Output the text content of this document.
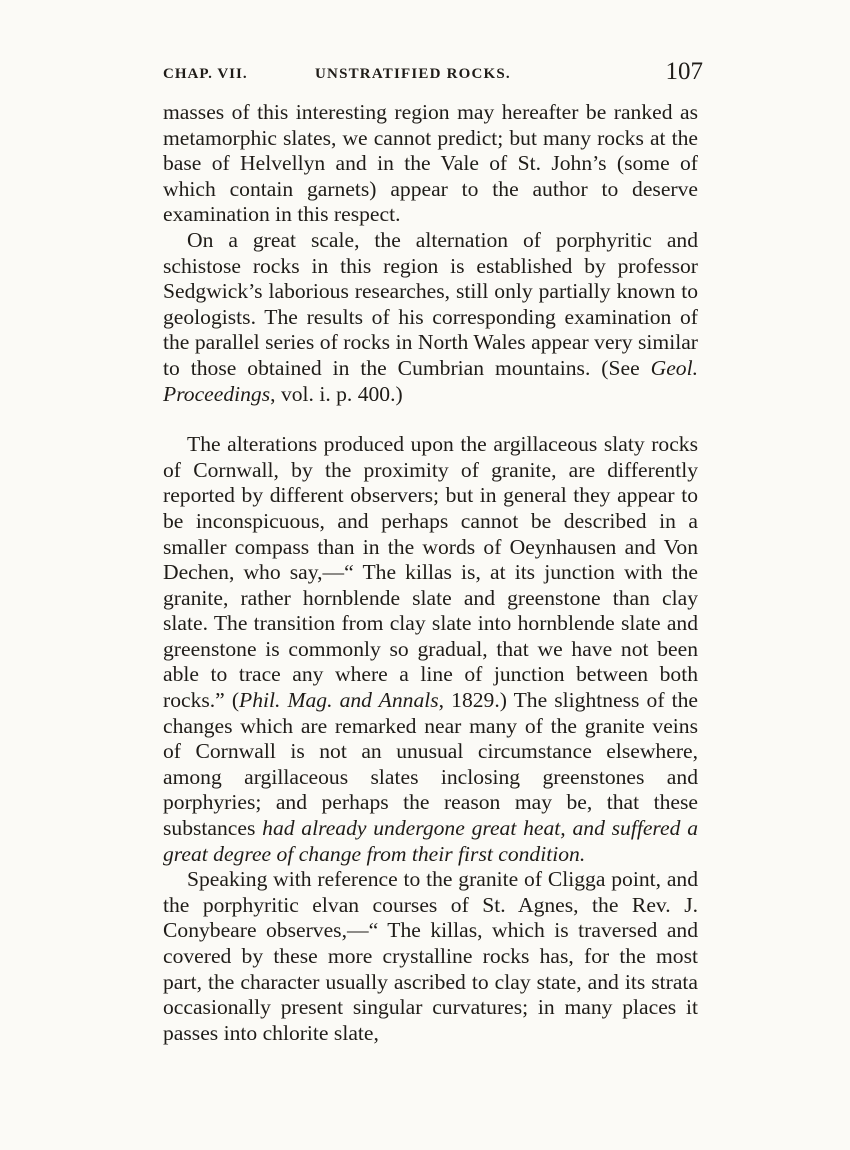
CHAP. VII.	UNSTRATIFIED ROCKS.	107

masses of this interesting region may hereafter be ranked as metamorphic slates, we cannot predict; but many rocks at the base of Helvellyn and in the Vale of St. John’s (some of which contain garnets) appear to the author to deserve examination in this respect.

On a great scale, the alternation of porphyritic and schistose rocks in this region is established by professor Sedgwick’s laborious researches, still only partially known to geologists. The results of his corresponding examination of the parallel series of rocks in North Wales appear very similar to those obtained in the Cumbrian mountains. (See Geol. Proceedings, vol. i. p. 400.)

The alterations produced upon the argillaceous slaty rocks of Cornwall, by the proximity of granite, are differently reported by different observers; but in general they appear to be inconspicuous, and perhaps cannot be described in a smaller compass than in the words of Oeynhausen and Von Dechen, who say,—“ The killas is, at its junction with the granite, rather hornblende slate and greenstone than clay slate. The transition from clay slate into hornblende slate and greenstone is commonly so gradual, that we have not been able to trace any where a line of junction between both rocks.” (Phil. Mag. and Annals, 1829.) The slightness of the changes which are remarked near many of the granite veins of Cornwall is not an unusual circumstance elsewhere, among argillaceous slates inclosing greenstones and porphyries; and perhaps the reason may be, that these substances had already undergone great heat, and suffered a great degree of change from their first condition.

Speaking with reference to the granite of Cligga point, and the porphyritic elvan courses of St. Agnes, the Rev. J. Conybeare observes,—“ The killas, which is traversed and covered by these more crystalline rocks has, for the most part, the character usually ascribed to clay state, and its strata occasionally present singular curvatures; in many places it passes into chlorite slate,
